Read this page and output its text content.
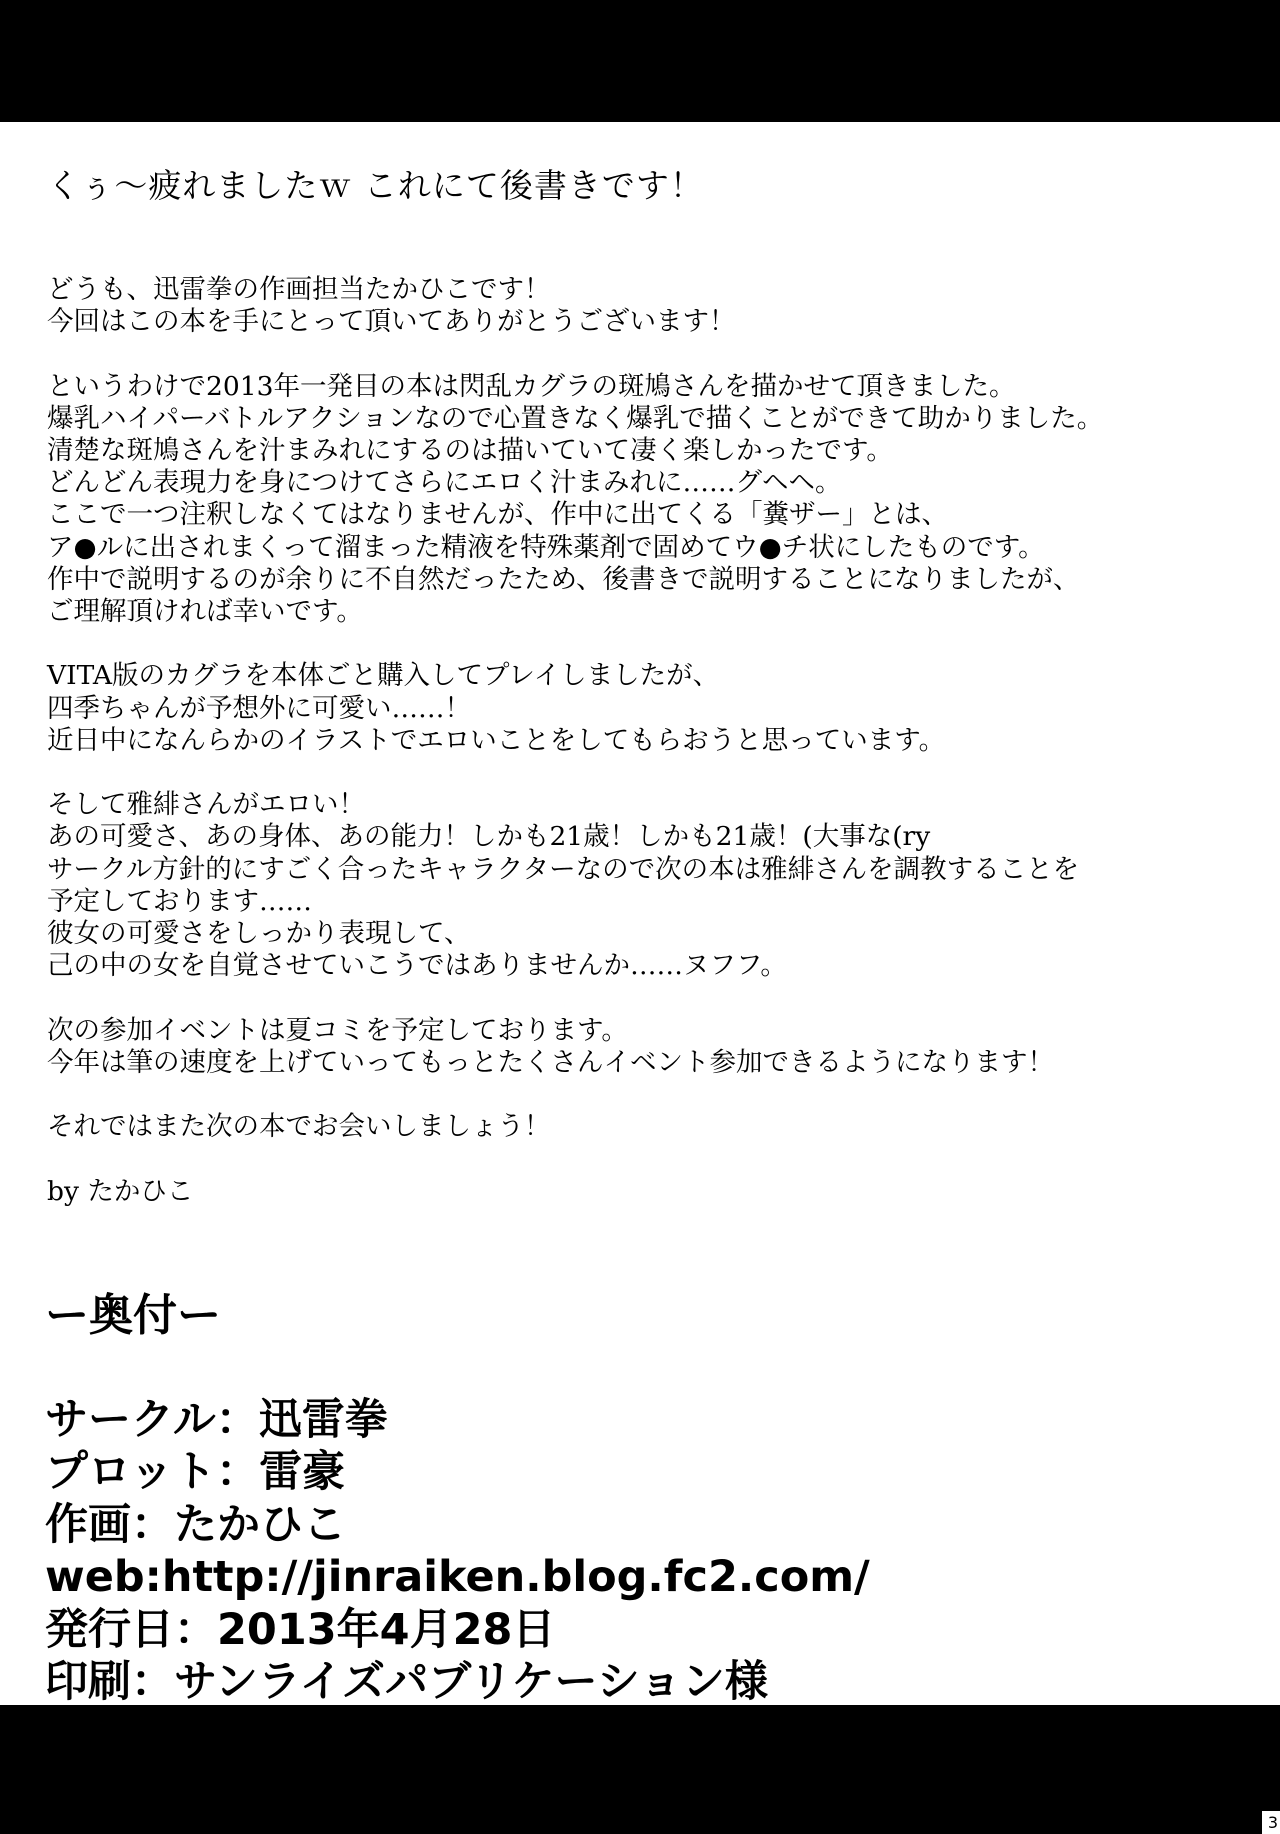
くぅ〜疲れましたｗ これにて後書きです！
どうも、迅雷拳の作画担当たかひこです！
今回はこの本を手にとって頂いてありがとうございます！
というわけで2013年一発目の本は閃乱カグラの斑鳩さんを描かせて頂きました。
爆乳ハイパーバトルアクションなので心置きなく爆乳で描くことができて助かりました。
清楚な斑鳩さんを汁まみれにするのは描いていて凄く楽しかったです。
どんどん表現力を身につけてさらにエロく汁まみれに……グヘヘ。
ここで一つ注釈しなくてはなりませんが、作中に出てくる「糞ザー」とは、
ア●ルに出されまくって溜まった精液を特殊薬剤で固めてウ●チ状にしたものです。
作中で説明するのが余りに不自然だったため、後書きで説明することになりましたが、
ご理解頂ければ幸いです。
VITA版のカグラを本体ごと購入してプレイしましたが、
四季ちゃんが予想外に可愛い……！
近日中になんらかのイラストでエロいことをしてもらおうと思っています。
そして雅緋さんがエロい！
あの可愛さ、あの身体、あの能力！しかも21歳！しかも21歳！(大事な(ry
サークル方針的にすごく合ったキャラクターなので次の本は雅緋さんを調教することを
予定しております……
彼女の可愛さをしっかり表現して、
己の中の女を自覚させていこうではありませんか……ヌフフ。
次の参加イベントは夏コミを予定しております。
今年は筆の速度を上げていってもっとたくさんイベント参加できるようになります！
それではまた次の本でお会いしましょう！

by たかひこ

ー奥付ー
サークル：迅雷拳
プロット：雷豪
作画：たかひこ
web:http://jinraiken.blog.fc2.com/
発行日：2013年4月28日
印刷：サンライズパブリケーション様
3
